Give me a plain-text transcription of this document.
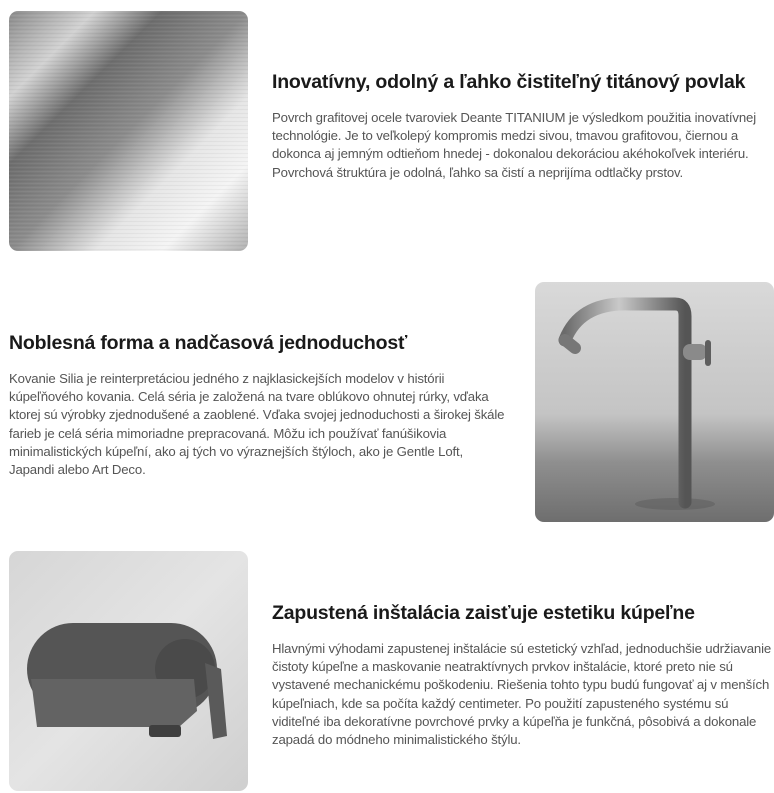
Inovatívny, odolný a ľahko čistiteľný titánový povlak

Povrch grafitovej ocele tvaroviek Deante TITANIUM je výsledkom použitia inovatívnej technológie. Je to veľkolepý kompromis medzi sivou, tmavou grafitovou, čiernou a dokonca aj jemným odtieňom hnedej - dokonalou dekoráciou akéhokoľvek interiéru. Povrchová štruktúra je odolná, ľahko sa čistí a neprijíma odtlačky prstov.

Noblesná forma a nadčasová jednoduchosť

Kovanie Silia je reinterpretáciou jedného z najklasickejších modelov v histórii kúpeľňového kovania. Celá séria je založená na tvare oblúkovo ohnutej rúrky, vďaka ktorej sú výrobky zjednodušené a zaoblené. Vďaka svojej jednoduchosti a širokej škále farieb je celá séria mimoriadne prepracovaná. Môžu ich používať fanúšikovia minimalistických kúpeľní, ako aj tých vo výraznejších štýloch, ako je Gentle Loft, Japandi alebo Art Deco.

Zapustená inštalácia zaisťuje estetiku kúpeľne

Hlavnými výhodami zapustenej inštalácie sú estetický vzhľad, jednoduchšie udržiavanie čistoty kúpeľne a maskovanie neatraktívnych prvkov inštalácie, ktoré preto nie sú vystavené mechanickému poškodeniu. Riešenia tohto typu budú fungovať aj v menších kúpeľniach, kde sa počíta každý centimeter. Po použití zapusteného systému sú viditeľné iba dekoratívne povrchové prvky a kúpeľňa je funkčná, pôsobivá a dokonale zapadá do módneho minimalistického štýlu.
